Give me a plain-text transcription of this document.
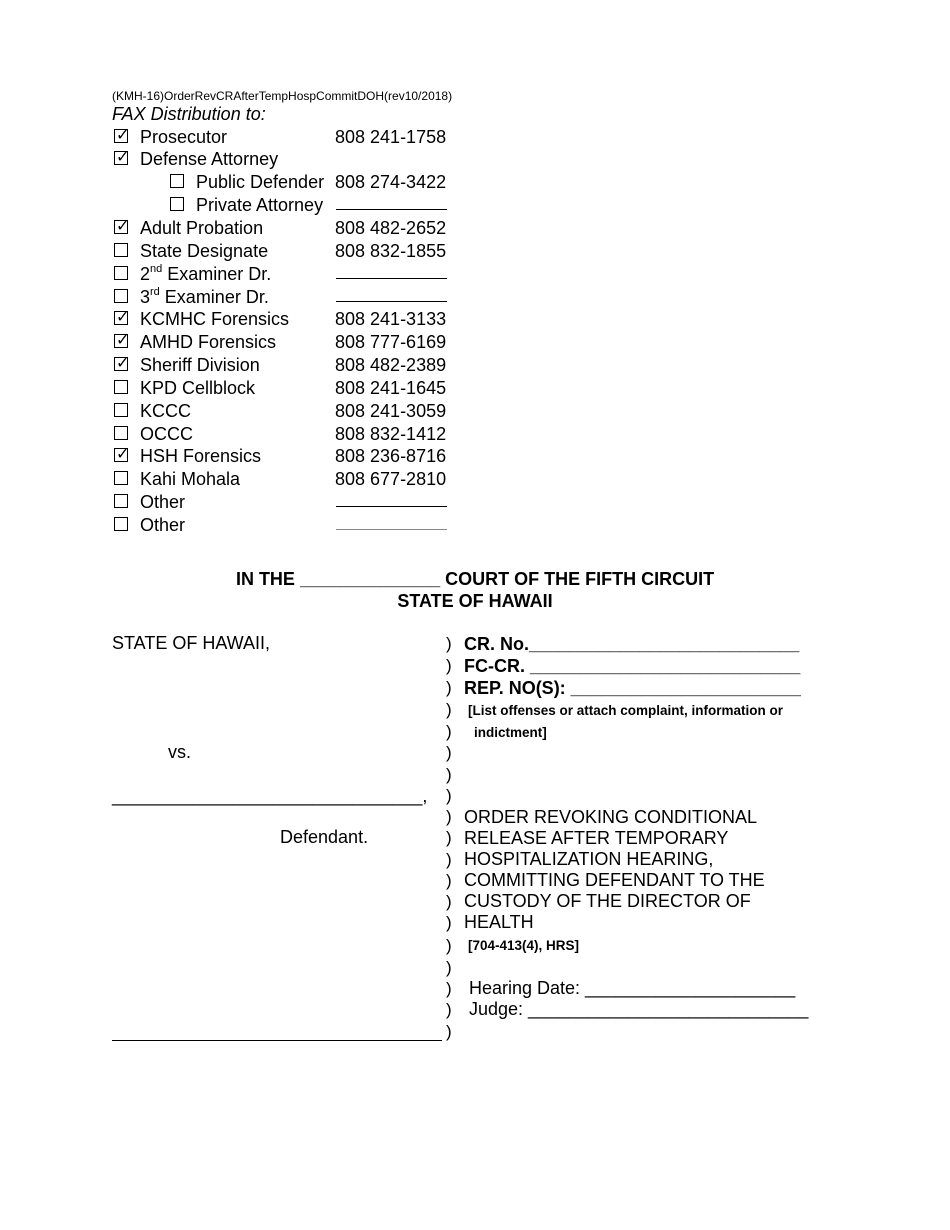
(KMH-16)OrderRevCRAfterTempHospCommitDOH(rev10/2018)
FAX Distribution to:
✓ Prosecutor	808 241-1758
✓ Defense Attorney
Public Defender 808 274-3422
Private Attorney
✓ Adult Probation	808 482-2652
State Designate	808 832-1855
2nd Examiner Dr.
3rd Examiner Dr.
✓ KCMHC Forensics	808 241-3133
✓ AMHD Forensics	808 777-6169
✓ Sheriff Division	808 482-2389
KPD Cellblock	808 241-1645
KCCC	808 241-3059
OCCC	808 832-1412
✓ HSH Forensics	808 236-8716
Kahi Mohala	808 677-2810
Other
Other
IN THE ______________ COURT OF THE FIFTH CIRCUIT
STATE OF HAWAII
STATE OF HAWAII,
vs.
_______________________________,
Defendant.
)
)
)
)
)
)
)
)
)
)
)
)
)
)
)
)
)
)
)
CR. No.___________________________
FC-CR. ___________________________
REP. NO(S): _______________________
[List offenses or attach complaint, information or
indictment]
ORDER REVOKING CONDITIONAL
RELEASE AFTER TEMPORARY
HOSPITALIZATION HEARING,
COMMITTING DEFENDANT TO THE
CUSTODY OF THE DIRECTOR OF
HEALTH
[704-413(4), HRS]
Hearing Date: _____________________
Judge: ____________________________
